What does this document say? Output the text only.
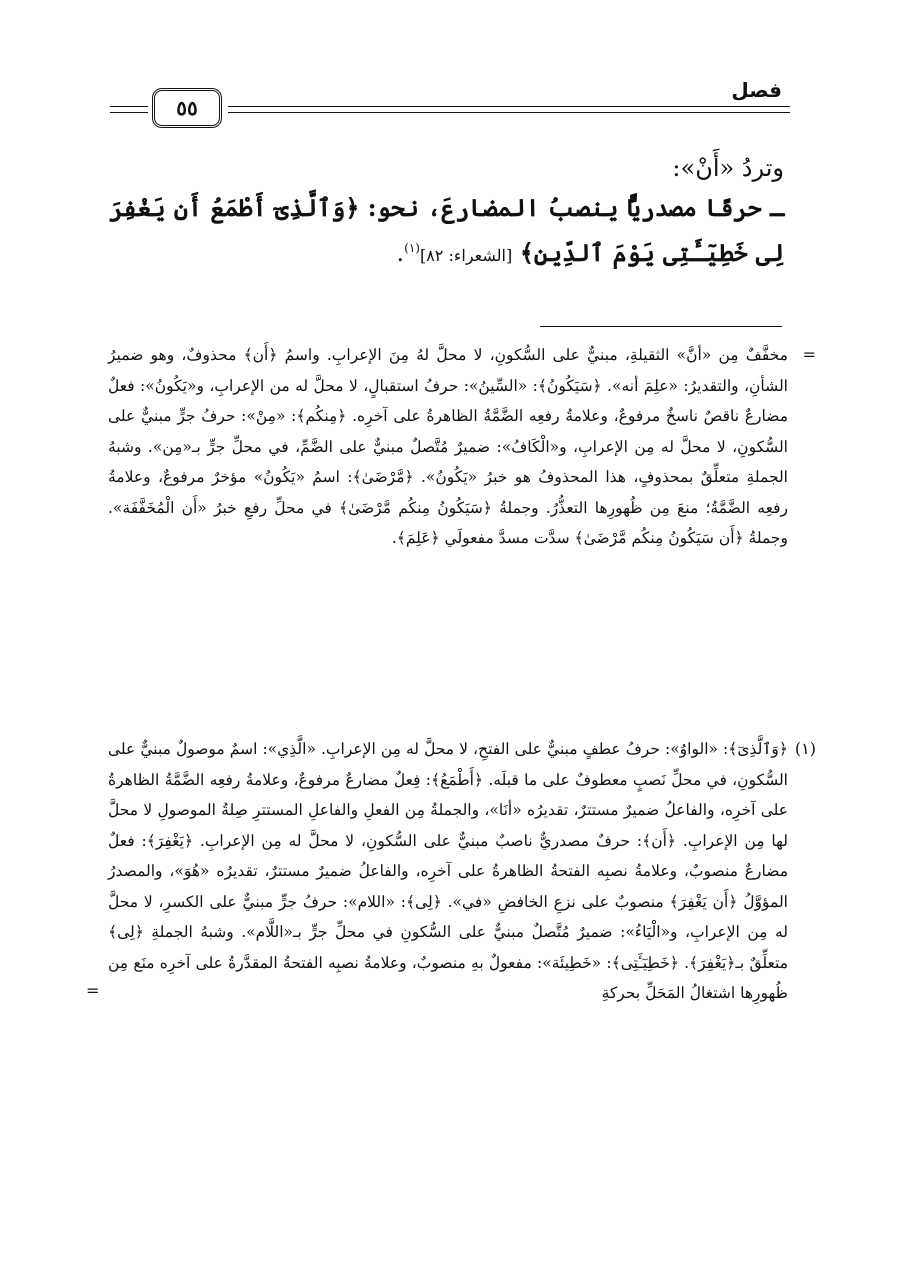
فصل
٥٥

وتردُ «أَنْ»:

ـ حرفًا مصدريًّا ينصبُ المضارعَ، نحو: ﴿وَٱلَّذِىٓ أَطْمَعُ أَن يَغْفِرَ لِى خَطِيٓـَٔتِى يَوْمَ ٱلدِّينِ﴾ [الشعراء: ٨٢]$^{(١)}$.

=

مخفَّفٌ مِن «أنَّ» الثقيلةِ، مبنيٌّ على السُّكونِ، لا محلَّ لهُ مِنَ الإعرابِ. واسمُ ﴿أَن﴾ محذوفٌ، وهو ضميرُ الشأنِ، والتقديرُ: «علِمَ أنه». ﴿سَيَكُونُ﴾: «السِّينُ»: حرفُ استقبالٍ، لا محلَّ له من الإعرابِ، و«يَكُونُ»: فعلٌ مضارعٌ ناقصٌ ناسخٌ مرفوعٌ، وعلامةُ رفعِه الضَّمَّةُ الظاهرةُ على آخرِه. ﴿مِنكُم﴾: «مِنْ»: حرفُ جرٍّ مبنيٌّ على السُّكونِ، لا محلَّ له مِن الإعرابِ، و«الْكَافُ»: ضميرٌ مُتَّصلٌ مبنيٌّ على الضَّمِّ، في محلِّ جرٍّ بـ«مِن». وشبهُ الجملةِ متعلِّقٌ بمحذوفٍ، هذا المحذوفُ هو خبرُ «يَكُونُ». ﴿مَّرْضَىٰ﴾: اسمُ «يَكُونُ» مؤخرٌ مرفوعٌ، وعلامةُ رفعِه الضَّمَّةُ؛ منعَ مِن ظُهورِها التعذُّرُ. وجملةُ ﴿سَيَكُونُ مِنكُم مَّرْضَىٰ﴾ في محلِّ رفعِ خبرُ «أَن الْمُخَفَّفَة». وجملةُ ﴿أَن سَيَكُونُ مِنكُم مَّرْضَىٰ﴾ سدَّت مسدَّ مفعولَي ﴿عَلِمَ﴾.

(١)

﴿وَٱلَّذِىٓ﴾: «الواوُ»: حرفُ عطفٍ مبنيٌّ على الفتحِ، لا محلَّ له مِن الإعرابِ. «الَّذِي»: اسمٌ موصولٌ مبنيٌّ على السُّكونِ، في محلِّ نَصبٍ معطوفٌ على ما قبلَه. ﴿أَطْمَعُ﴾: فِعلٌ مضارعٌ مرفوعٌ، وعلامةُ رفعِه الضَّمَّةُ الظاهرةُ على آخرِه، والفاعلُ ضميرٌ مستترٌ، تقديرُه «أنَا»، والجملةُ مِن الفعلِ والفاعلِ المستترِ صِلةُ الموصولِ لا محلَّ لها مِن الإعرابِ. ﴿أَن﴾: حرفٌ مصدريٌّ ناصبٌ مبنيٌّ على السُّكونِ، لا محلَّ له مِن الإعرابِ. ﴿يَغْفِرَ﴾: فعلٌ مضارعٌ منصوبٌ، وعلامةُ نصبِه الفتحةُ الظاهرةُ على آخرِه، والفاعلُ ضميرٌ مستترٌ، تقديرُه «هُوَ»، والمصدرُ المؤوَّلُ ﴿أَن يَغْفِرَ﴾ منصوبٌ على نزعِ الخافضِ «في». ﴿لِى﴾: «اللام»: حرفُ جرٍّ مبنيٌّ على الكسرِ، لا محلَّ له مِن الإعرابِ، و«الْيَاءُ»: ضميرٌ مُتَّصلٌ مبنيٌّ على السُّكونِ في محلِّ جرٍّ بـ«اللَّام». وشبهُ الجملةِ ﴿لِى﴾ متعلِّقٌ بـ﴿يَغْفِرَ﴾. ﴿خَطِيٓـَٔتِى﴾: «خَطِيئَة»: مفعولٌ بهِ منصوبٌ، وعلامةُ نصبِه الفتحةُ المقدَّرةُ على آخرِه منَع مِن ظُهورِها اشتغالُ المَحَلِّ بحركةِ

=
